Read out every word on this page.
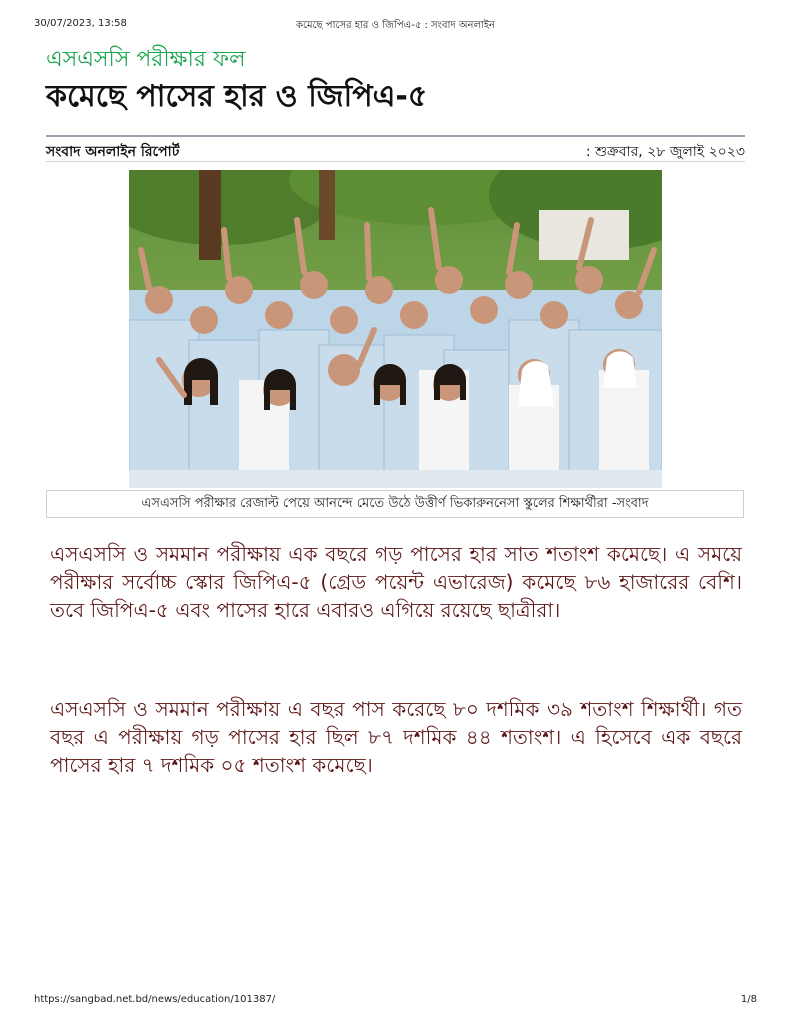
30/07/2023, 13:58	কমেছে পাসের হার ও জিপিএ-৫ : সংবাদ অনলাইন
এসএসসি পরীক্ষার ফল
কমেছে পাসের হার ও জিপিএ-৫
সংবাদ অনলাইন রিপোর্ট	: শুক্রবার, ২৮ জুলাই ২০২৩
এসএসসি পরীক্ষার রেজাল্ট পেয়ে আনন্দে মেতে উঠে উত্তীর্ণ ভিকারুননেসা স্কুলের শিক্ষার্থীরা -সংবাদ

এসএসসি ও সমমান পরীক্ষায় এক বছরে গড় পাসের হার সাত শতাংশ কমেছে। এ সময়ে পরীক্ষার সর্বোচ্চ স্কোর জিপিএ-৫ (গ্রেড পয়েন্ট এভারেজ) কমেছে ৮৬ হাজারের বেশি। তবে জিপিএ-৫ এবং পাসের হারে এবারও এগিয়ে রয়েছে ছাত্রীরা।

এসএসসি ও সমমান পরীক্ষায় এ বছর পাস করেছে ৮০ দশমিক ৩৯ শতাংশ শিক্ষার্থী। গত বছর এ পরীক্ষায় গড় পাসের হার ছিল ৮৭ দশমিক ৪৪ শতাংশ। এ হিসেবে এক বছরে পাসের হার ৭ দশমিক ০৫ শতাংশ কমেছে।

https://sangbad.net.bd/news/education/101387/	1/8
